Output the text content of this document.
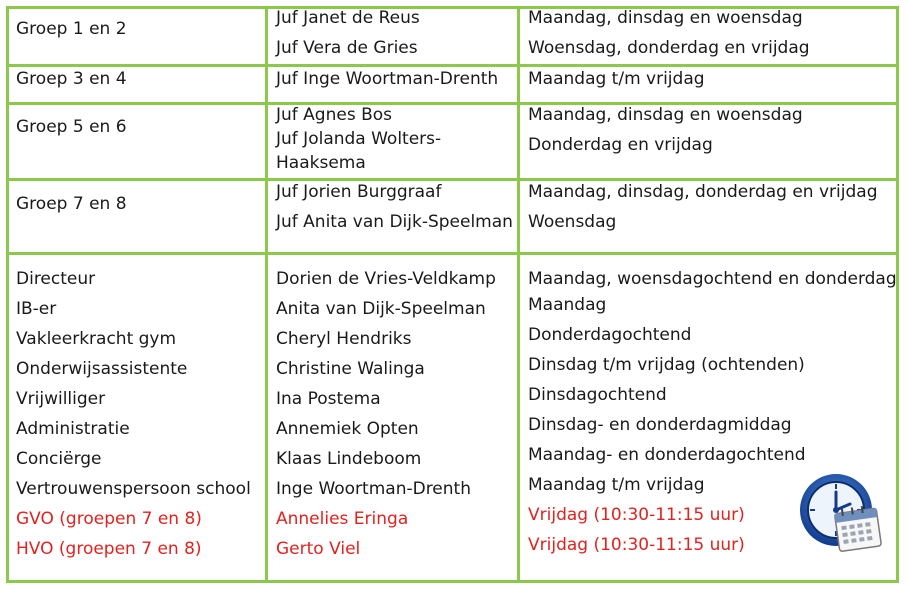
Groep 1 en 2
Juf Janet de Reus
Juf Vera de Gries
Maandag, dinsdag en woensdag
Woensdag, donderdag en vrijdag
Groep 3 en 4	Juf Inge Woortman-Drenth Maandag t/m vrijdag
Groep 5 en 6
Juf Agnes Bos
Juf Jolanda Wolters-
Haaksema
Maandag, dinsdag en woensdag
Donderdag en vrijdag
Groep 7 en 8
Juf Jorien Burggraaf
Juf Anita van Dijk-Speelman
Maandag, dinsdag, donderdag en vrijdag
Woensdag
Directeur
IB-er
Vakleerkracht gym
Onderwijsassistente
Vrijwilliger
Administratie
Conciërge
Vertrouwenspersoon school
GVO (groepen 7 en 8)
HVO (groepen 7 en 8)
Dorien de Vries-Veldkamp
Anita van Dijk-Speelman
Cheryl Hendriks
Christine Walinga
Ina Postema
Annemiek Opten
Klaas Lindeboom
Inge Woortman-Drenth
Annelies Eringa
Gerto Viel
Maandag, woensdagochtend en donderdag
Maandag
Donderdagochtend
Dinsdag t/m vrijdag (ochtenden)
Dinsdagochtend
Dinsdag- en donderdagmiddag
Maandag- en donderdagochtend
Maandag t/m vrijdag
Vrijdag (10:30-11:15 uur)
Vrijdag (10:30-11:15 uur)
